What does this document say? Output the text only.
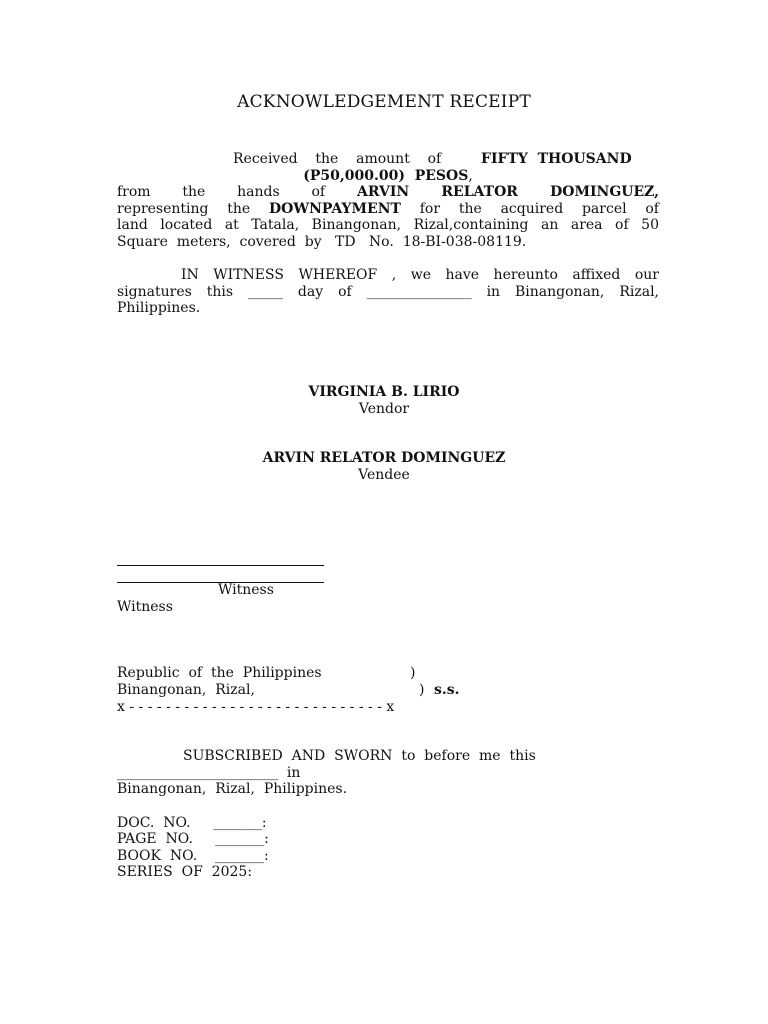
ACKNOWLEDGEMENT RECEIPT
Received    the    amount    of    FIFTY  THOUSAND
(P50,000.00)  PESOS,
from the hands of ARVIN RELATOR DOMINGUEZ,
representing the DOWNPAYMENT for the acquired parcel of
land located at Tatala, Binangonan, Rizal,containing an area of 50
Square  meters,  covered  by   TD   No.  18-BI-038-08119.
IN WITNESS WHEREOF , we have hereunto affixed our
signatures this _____ day of _______________ in Binangonan, Rizal,
Philippines.
VIRGINIA B. LIRIO
Vendor
ARVIN RELATOR DOMINGUEZ
Vendee
Witness
Witness
Republic  of  the  Philippines	)
Binangonan,  Rizal,	) s.s.
x - - - - - - - - - - - - - - - - - - - - - - - - - - - - x
SUBSCRIBED  AND  SWORN  to  before  me  this
_______________________  in
Binangonan,  Rizal,  Philippines.
DOC.  NO.     _______:
PAGE  NO.     _______:
BOOK  NO.    _______:
SERIES  OF  2025:
